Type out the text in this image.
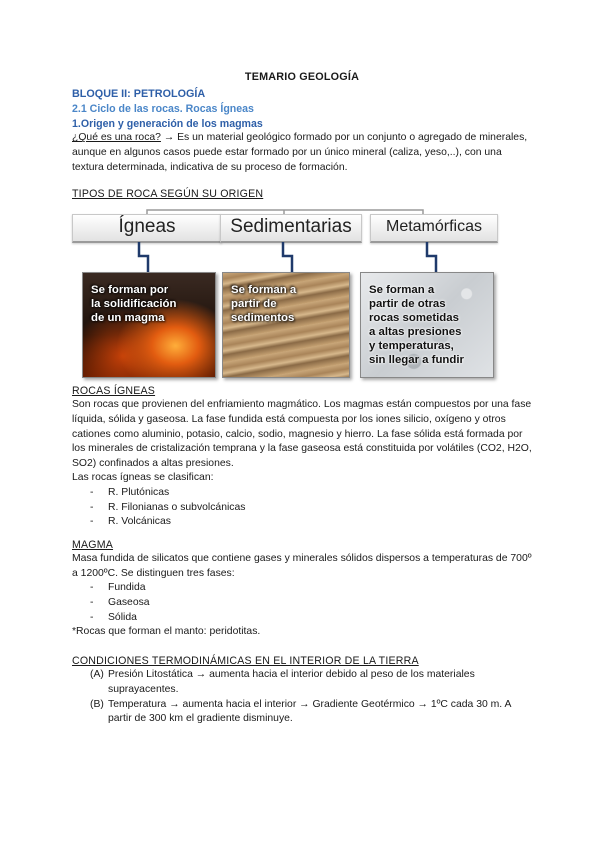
TEMARIO GEOLOGÍA

BLOQUE II: PETROLOGÍA

2.1 Ciclo de las rocas. Rocas Ígneas

1.Origen y generación de los magmas

¿Qué es una roca? → Es un material geológico formado por un conjunto o agregado de minerales, aunque en algunos casos puede estar formado por un único mineral (caliza, yeso,..), con una textura determinada, indicativa de su proceso de formación.

TIPOS DE ROCA SEGÚN SU ORIGEN

Ígneas	Sedimentarias	Metamórficas
Se forman por
la solidificación
de un magma
Se forman a
partir de
sedimentos
Se forman a
partir de otras
rocas sometidas
a altas presiones
y temperaturas,
sin llegar a fundir

ROCAS ÍGNEAS

Son rocas que provienen del enfriamiento magmático. Los magmas están compuestos por una fase líquida, sólida y gaseosa. La fase fundida está compuesta por los iones silicio, oxígeno y otros cationes como aluminio, potasio, calcio, sodio, magnesio y hierro. La fase sólida está formada por los minerales de cristalización temprana y la fase gaseosa está constituida por volátiles (CO2, H2O, SO2) confinados a altas presiones.

Las rocas ígneas se clasifican:

- R. Plutónicas
- R. Filonianas o subvolcánicas
- R. Volcánicas

MAGMA

Masa fundida de silicatos que contiene gases y minerales sólidos dispersos a temperaturas de 700º a 1200ºC. Se distinguen tres fases:

- Fundida
- Gaseosa
- Sólida

*Rocas que forman el manto: peridotitas.

CONDICIONES TERMODINÁMICAS EN EL INTERIOR DE LA TIERRA

(A) Presión Litostática → aumenta hacia el interior debido al peso de los materiales suprayacentes.
(B) Temperatura → aumenta hacia el interior → Gradiente Geotérmico → 1ºC cada 30 m. A partir de 300 km el gradiente disminuye.
